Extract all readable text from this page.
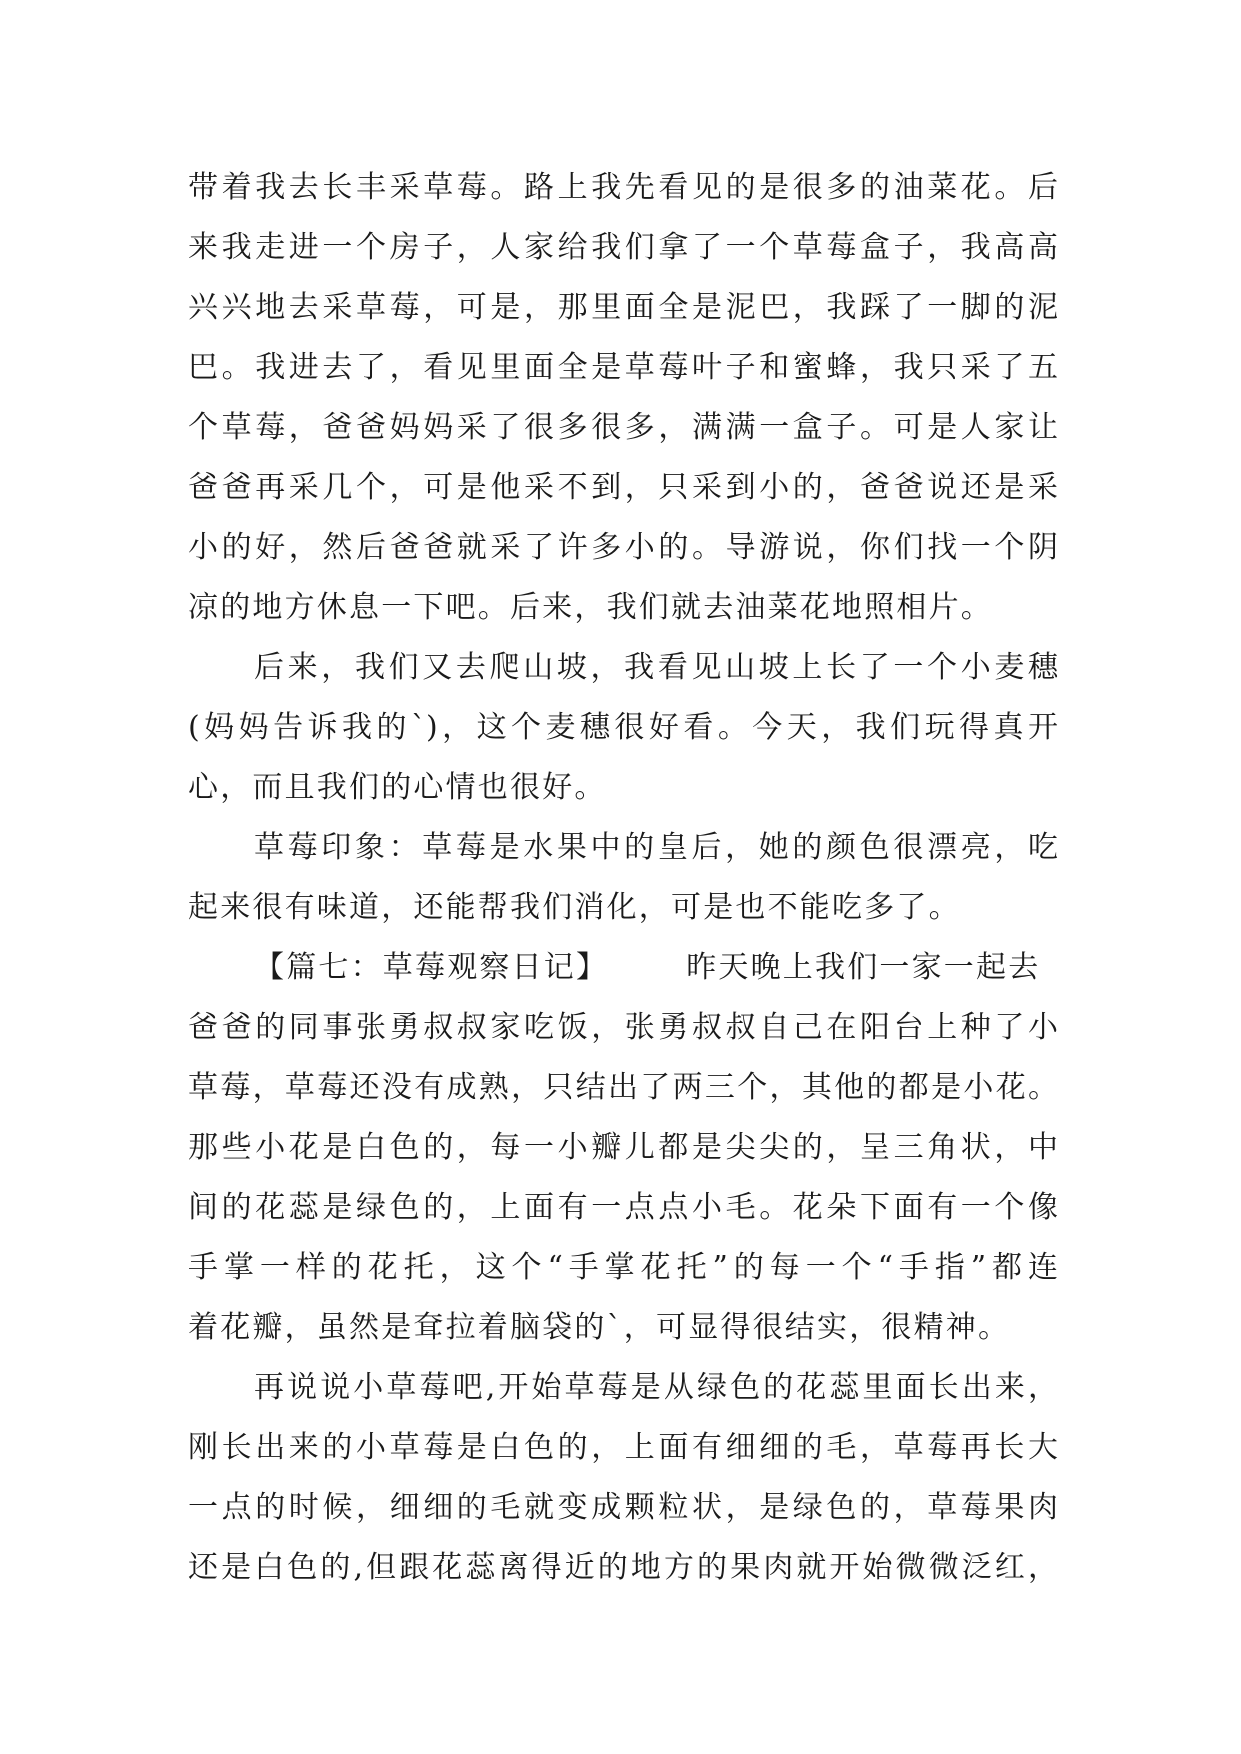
带着我去长丰采草莓。路上我先看见的是很多的油菜花。后
来我走进一个房子，人家给我们拿了一个草莓盒子，我高高
兴兴地去采草莓，可是，那里面全是泥巴，我踩了一脚的泥
巴。我进去了，看见里面全是草莓叶子和蜜蜂，我只采了五
个草莓，爸爸妈妈采了很多很多，满满一盒子。可是人家让
爸爸再采几个，可是他采不到，只采到小的，爸爸说还是采
小的好，然后爸爸就采了许多小的。导游说，你们找一个阴
凉的地方休息一下吧。后来，我们就去油菜花地照相片。
后来，我们又去爬山坡，我看见山坡上长了一个小麦穗
(妈妈告诉我的`)，这个麦穗很好看。今天，我们玩得真开
心，而且我们的心情也很好。
草莓印象：草莓是水果中的皇后，她的颜色很漂亮，吃
起来很有味道，还能帮我们消化，可是也不能吃多了。
【篇七：草莓观察日记】	昨天晚上我们一家一起去
爸爸的同事张勇叔叔家吃饭，张勇叔叔自己在阳台上种了小
草莓，草莓还没有成熟，只结出了两三个，其他的都是小花。
那些小花是白色的，每一小瓣儿都是尖尖的，呈三角状，中
间的花蕊是绿色的，上面有一点点小毛。花朵下面有一个像
手掌一样的花托，这个“手掌花托”的每一个“手指”都连
着花瓣，虽然是耷拉着脑袋的`，可显得很结实，很精神。
再说说小草莓吧,开始草莓是从绿色的花蕊里面长出来，
刚长出来的小草莓是白色的，上面有细细的毛，草莓再长大
一点的时候，细细的毛就变成颗粒状，是绿色的，草莓果肉
还是白色的,但跟花蕊离得近的地方的果肉就开始微微泛红，
